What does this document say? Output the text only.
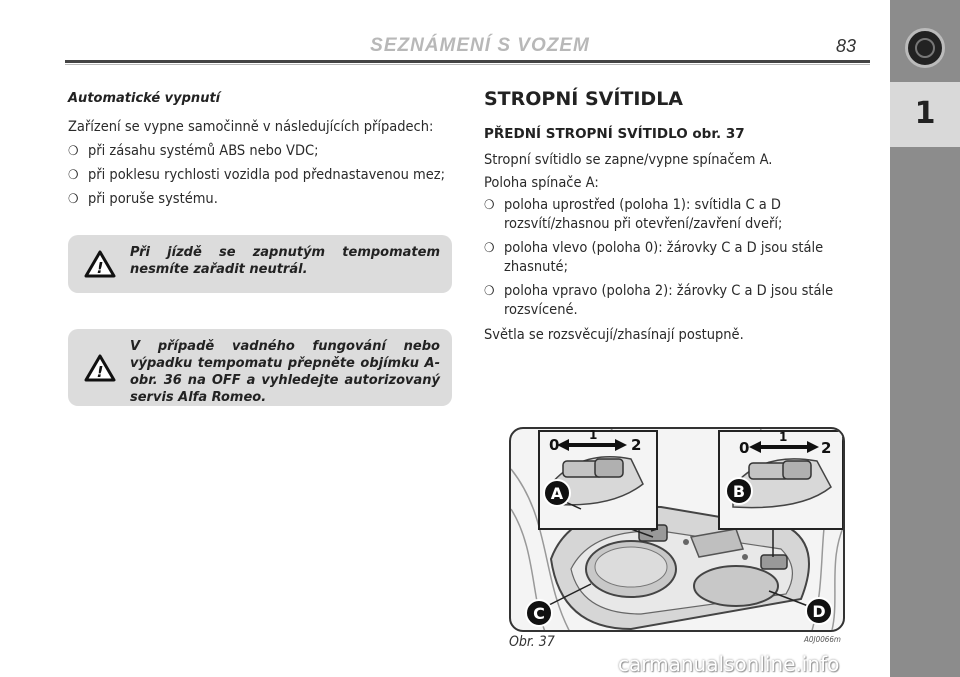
SEZNÁMENÍ S VOZEM	83
1
Automatické vypnutí
Zařízení se vypne samočinně v následujících případech:
❍ při zásahu systémů ABS nebo VDC;
❍ při poklesu rychlosti vozidla pod přednastavenou mez;
❍ při poruše systému.
!
Při jízdě se zapnutým tempomatem nesmíte zařadit neutrál.
!
V případě vadného fungování nebo výpadku tempomatu přepněte objímku A-obr. 36 na OFF a vyhledejte autorizovaný servis Alfa Romeo.
STROPNÍ SVÍTIDLA
PŘEDNÍ STROPNÍ SVÍTIDLO obr. 37
Stropní svítidlo se zapne/vypne spínačem A.
Poloha spínače A:
❍ poloha uprostřed (poloha 1): svítidla C a D rozsvítí/zhasnou při otevření/zavření dveří;
❍ poloha vlevo (poloha 0): žárovky C a D jsou stále zhasnuté;
❍ poloha vpravo (poloha 2): žárovky C a D jsou stále rozsvícené.
Světla se rozsvěcují/zhasínají postupně.
0
1
2	0
1
2
A	B
C	D
Obr. 37	A0J0066m
carmanualsonline.info
